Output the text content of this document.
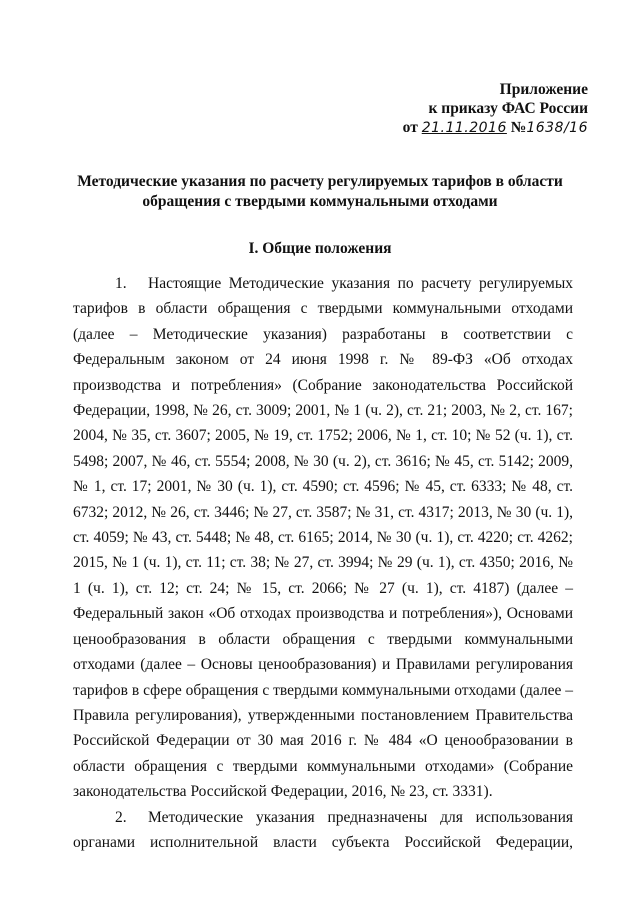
Приложение
к приказу ФАС России
от 21.11.2016 №1638/16
Методические указания по расчету регулируемых тарифов в области
обращения с твердыми коммунальными отходами
I. Общие положения

1. Настоящие Методические указания по расчету регулируемых тарифов в области обращения с твердыми коммунальными отходами (далее – Методические указания) разработаны в соответствии с Федеральным законом от 24 июня 1998 г. № 89-ФЗ «Об отходах производства и потребления» (Собрание законодательства Российской Федерации, 1998, № 26, ст. 3009; 2001, № 1 (ч. 2), ст. 21; 2003, № 2, ст. 167; 2004, № 35, ст. 3607; 2005, № 19, ст. 1752; 2006, № 1, ст. 10; № 52 (ч. 1), ст. 5498; 2007, № 46, ст. 5554; 2008, № 30 (ч. 2), ст. 3616; № 45, ст. 5142; 2009, № 1, ст. 17; 2001, № 30 (ч. 1), ст. 4590; ст. 4596; № 45, ст. 6333; № 48, ст. 6732; 2012, № 26, ст. 3446; № 27, ст. 3587; № 31, ст. 4317; 2013, № 30 (ч. 1), ст. 4059; № 43, ст. 5448; № 48, ст. 6165; 2014, № 30 (ч. 1), ст. 4220; ст. 4262; 2015, № 1 (ч. 1), ст. 11; ст. 38; № 27, ст. 3994; № 29 (ч. 1), ст. 4350; 2016, № 1 (ч. 1), ст. 12; ст. 24; № 15, ст. 2066; № 27 (ч. 1), ст. 4187) (далее – Федеральный закон «Об отходах производства и потребления»), Основами ценообразования в области обращения с твердыми коммунальными отходами (далее – Основы ценообразования) и Правилами регулирования тарифов в сфере обращения с твердыми коммунальными отходами (далее – Правила регулирования), утвержденными постановлением Правительства Российской Федерации от 30 мая 2016 г. № 484 «О ценообразовании в области обращения с твердыми коммунальными отходами» (Собрание законодательства Российской Федерации, 2016, № 23, ст. 3331).

2. Методические указания предназначены для использования органами исполнительной власти субъекта Российской Федерации,
